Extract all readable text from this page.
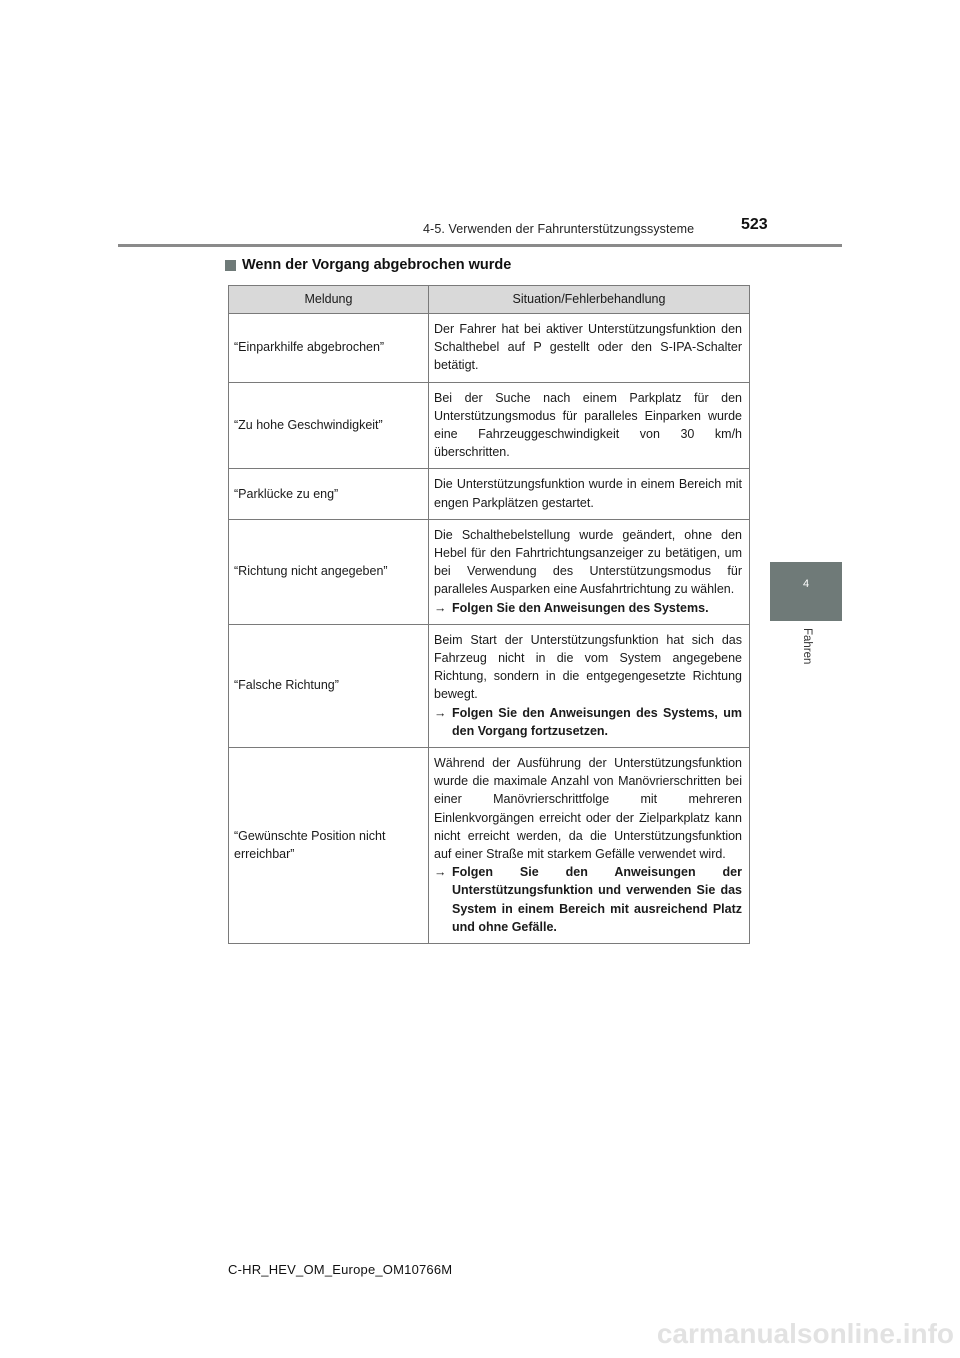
4-5. Verwenden der Fahrunterstützungssysteme	523
4
Fahren
Wenn der Vorgang abgebrochen wurde
Meldung	Situation/Fehlerbehandlung
“Einparkhilfe abgebrochen”	Der Fahrer hat bei aktiver Unterstützungsfunktion den Schalthebel auf P gestellt oder den S-IPA-Schalter betätigt.

“Zu hohe Geschwindigkeit”	Bei der Suche nach einem Parkplatz für den Unterstützungsmodus für paralleles Einparken wurde eine Fahrzeuggeschwindigkeit von 30 km/h überschritten.

“Parklücke zu eng”	Die Unterstützungsfunktion wurde in einem Bereich mit engen Parkplätzen gestartet.

“Richtung nicht angegeben”	Die Schalthebelstellung wurde geändert, ohne den Hebel für den Fahrtrichtungsanzeiger zu betätigen, um bei Verwendung des Unterstützungsmodus für paralleles Ausparken eine Ausfahrtrichtung zu wählen.
→ Folgen Sie den Anweisungen des Systems.

“Falsche Richtung”	Beim Start der Unterstützungsfunktion hat sich das Fahrzeug nicht in die vom System angegebene Richtung, sondern in die entgegengesetzte Richtung bewegt.
→ Folgen Sie den Anweisungen des Systems, um den Vorgang fortzusetzen.

“Gewünschte Position nicht erreichbar”	Während der Ausführung der Unterstützungsfunktion wurde die maximale Anzahl von Manövrierschritten bei einer Manövrierschrittfolge mit mehreren Einlenkvorgängen erreicht oder der Zielparkplatz kann nicht erreicht werden, da die Unterstützungsfunktion auf einer Straße mit starkem Gefälle verwendet wird.
→ Folgen Sie den Anweisungen der Unterstützungsfunktion und verwenden Sie das System in einem Bereich mit ausreichend Platz und ohne Gefälle.
C-HR_HEV_OM_Europe_OM10766M
carmanualsonline.info
